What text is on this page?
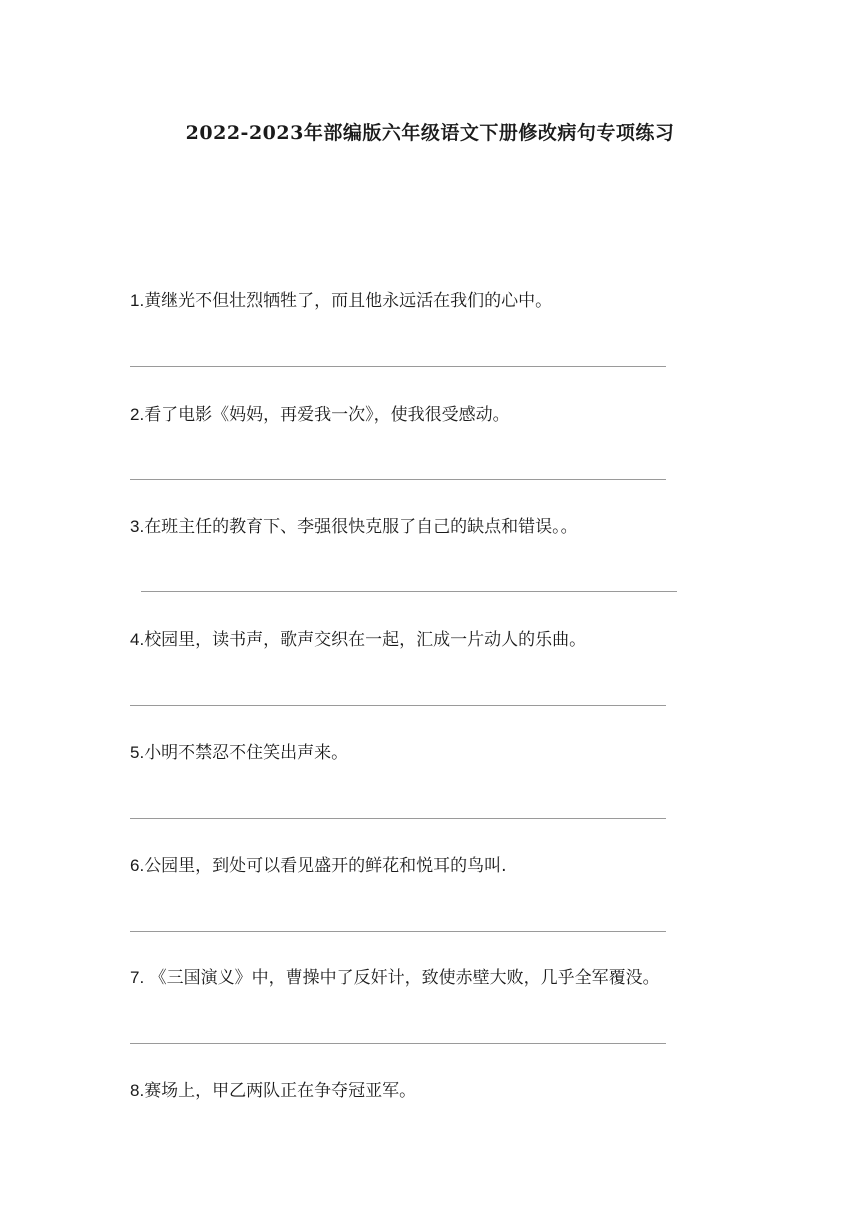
2022-2023年部编版六年级语文下册修改病句专项练习
1.黄继光不但壮烈牺牲了，而且他永远活在我们的心中。
2.看了电影《妈妈，再爱我一次》，使我很受感动。
3.在班主任的教育下、李强很快克服了自己的缺点和错误。。
4.校园里，读书声，歌声交织在一起，汇成一片动人的乐曲。
5.小明不禁忍不住笑出声来。
6.公园里，到处可以看见盛开的鲜花和悦耳的鸟叫.
7. 《三国演义》中，曹操中了反奸计，致使赤壁大败，几乎全军覆没。
8.赛场上，甲乙两队正在争夺冠亚军。
